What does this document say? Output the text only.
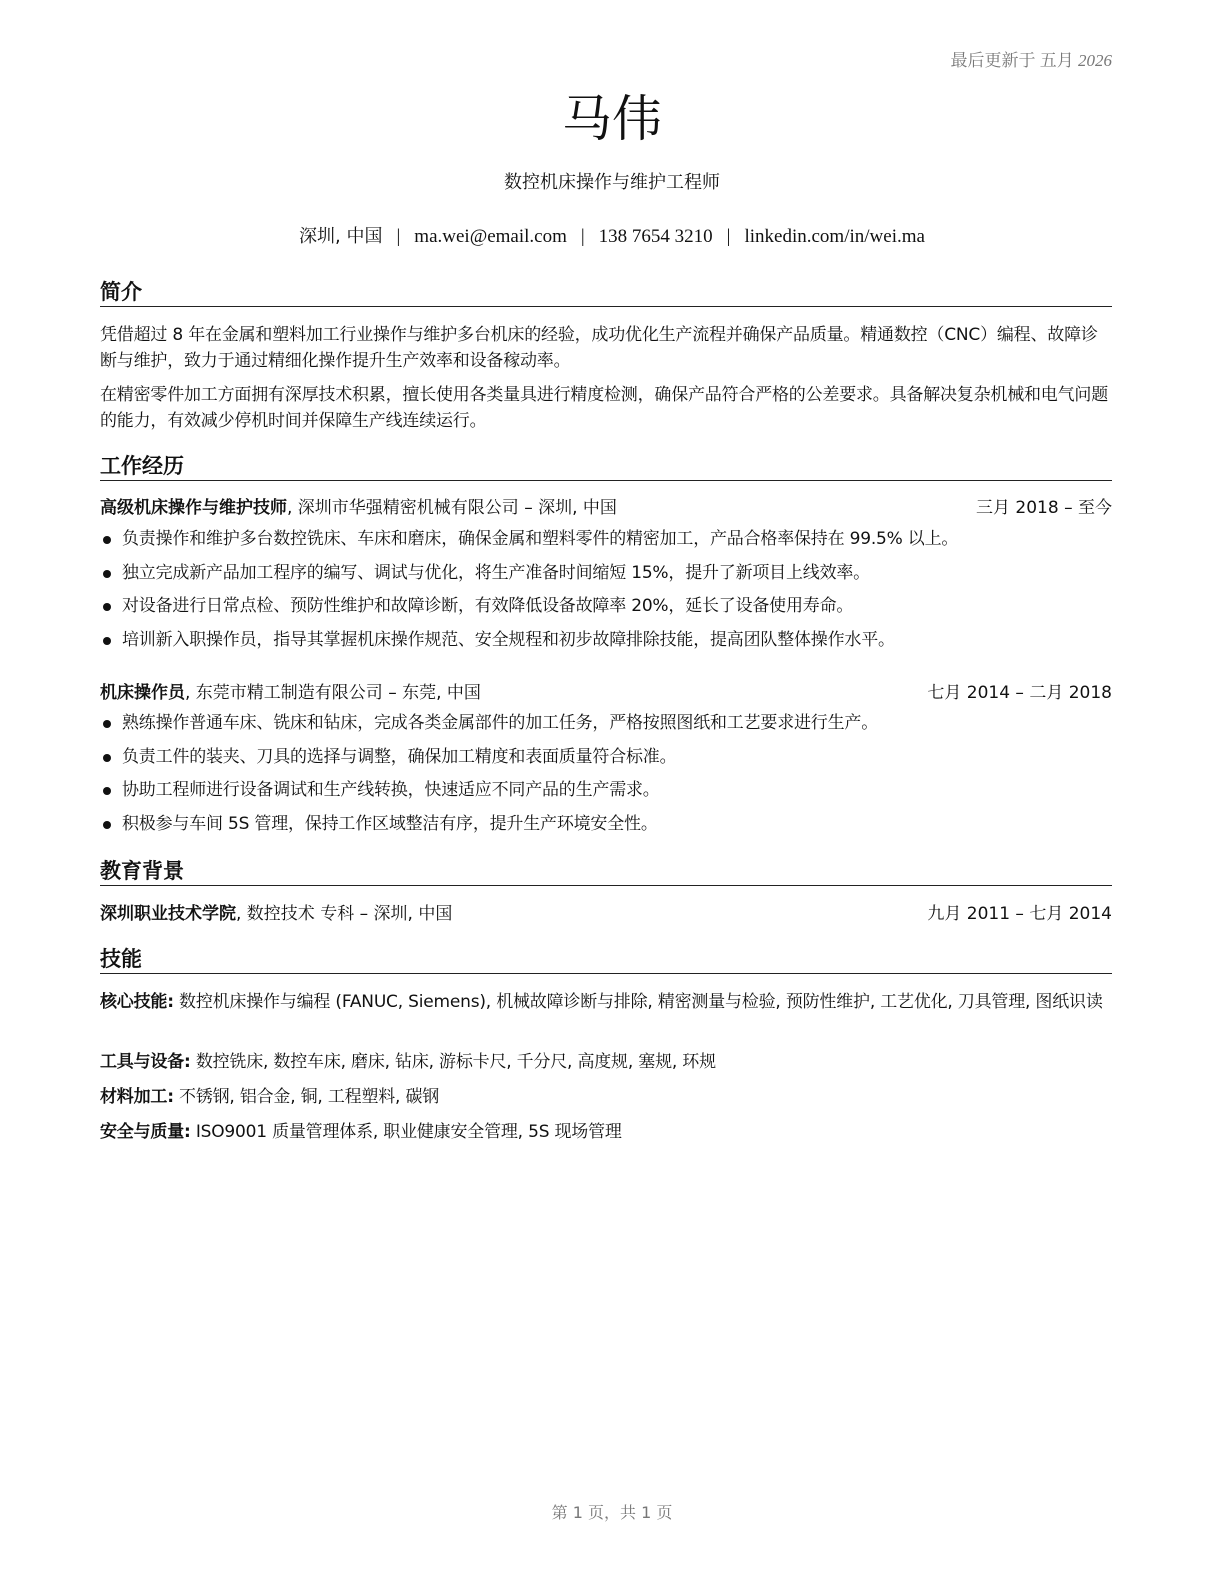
最后更新于 五月 2026
马伟
数控机床操作与维护工程师
深圳, 中国 | ma.wei@email.com | 138 7654 3210 | linkedin.com/in/wei.ma
简介
凭借超过 8 年在金属和塑料加工行业操作与维护多台机床的经验，成功优化生产流程并确保产品质量。精通数控（CNC）编程、故障诊断与维护，致力于通过精细化操作提升生产效率和设备稼动率。
在精密零件加工方面拥有深厚技术积累，擅长使用各类量具进行精度检测，确保产品符合严格的公差要求。具备解决复杂机械和电气问题的能力，有效减少停机时间并保障生产线连续运行。
工作经历
高级机床操作与维护技师, 深圳市华强精密机械有限公司 – 深圳, 中国	三月 2018 – 至今
负责操作和维护多台数控铣床、车床和磨床，确保金属和塑料零件的精密加工，产品合格率保持在 99.5% 以上。
独立完成新产品加工程序的编写、调试与优化，将生产准备时间缩短 15%，提升了新项目上线效率。
对设备进行日常点检、预防性维护和故障诊断，有效降低设备故障率 20%，延长了设备使用寿命。
培训新入职操作员，指导其掌握机床操作规范、安全规程和初步故障排除技能，提高团队整体操作水平。
机床操作员, 东莞市精工制造有限公司 – 东莞, 中国	七月 2014 – 二月 2018
熟练操作普通车床、铣床和钻床，完成各类金属部件的加工任务，严格按照图纸和工艺要求进行生产。
负责工件的装夹、刀具的选择与调整，确保加工精度和表面质量符合标准。
协助工程师进行设备调试和生产线转换，快速适应不同产品的生产需求。
积极参与车间 5S 管理，保持工作区域整洁有序，提升生产环境安全性。
教育背景
深圳职业技术学院, 数控技术 专科 – 深圳, 中国	九月 2011 – 七月 2014
技能
核心技能: 数控机床操作与编程 (FANUC, Siemens), 机械故障诊断与排除, 精密测量与检验, 预防性维护, 工艺优化, 刀具管理, 图纸识读
工具与设备: 数控铣床, 数控车床, 磨床, 钻床, 游标卡尺, 千分尺, 高度规, 塞规, 环规
材料加工: 不锈钢, 铝合金, 铜, 工程塑料, 碳钢
安全与质量: ISO9001 质量管理体系, 职业健康安全管理, 5S 现场管理
第 1 页，共 1 页
